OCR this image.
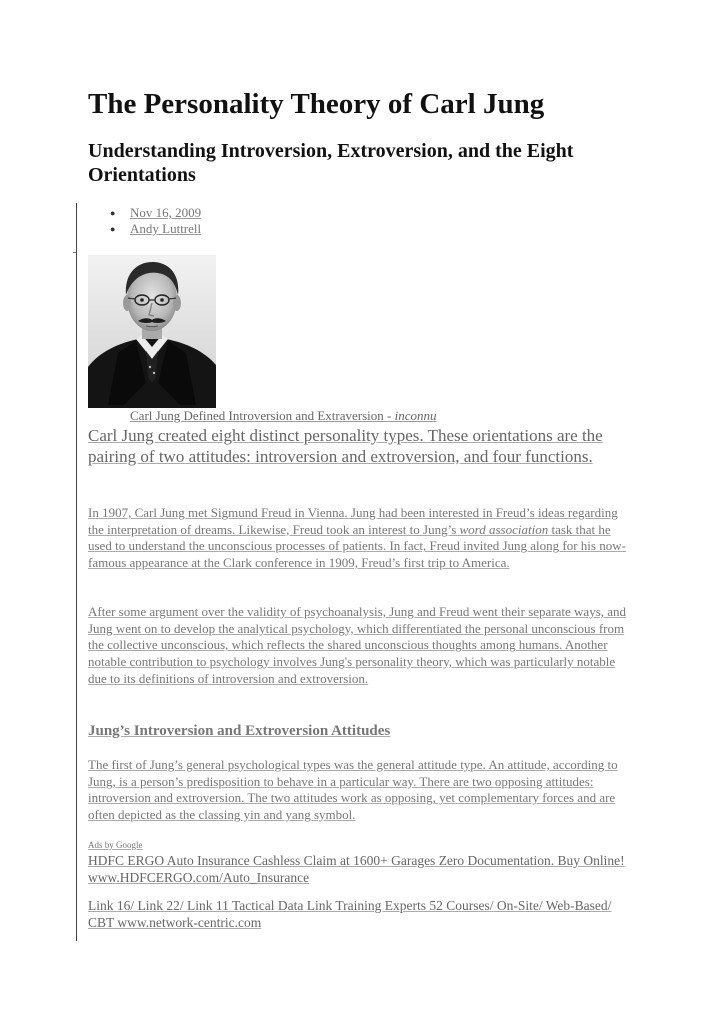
The Personality Theory of Carl Jung
Understanding Introversion, Extroversion, and the Eight Orientations
● Nov 16, 2009
● Andy Luttrell

Carl Jung Defined Introversion and Extraversion - inconnu

Carl Jung created eight distinct personality types. These orientations are the pairing of two attitudes: introversion and extroversion, and four functions.

In 1907, Carl Jung met Sigmund Freud in Vienna. Jung had been interested in Freud’s ideas regarding the interpretation of dreams. Likewise, Freud took an interest to Jung’s word association task that he used to understand the unconscious processes of patients. In fact, Freud invited Jung along for his now-famous appearance at the Clark conference in 1909, Freud’s first trip to America.

After some argument over the validity of psychoanalysis, Jung and Freud went their separate ways, and Jung went on to develop the analytical psychology, which differentiated the personal unconscious from the collective unconscious, which reflects the shared unconscious thoughts among humans. Another notable contribution to psychology involves Jung's personality theory, which was particularly notable due to its definitions of introversion and extroversion.

Jung’s Introversion and Extroversion Attitudes

The first of Jung’s general psychological types was the general attitude type. An attitude, according to Jung, is a person’s predisposition to behave in a particular way. There are two opposing attitudes: introversion and extroversion. The two attitudes work as opposing, yet complementary forces and are often depicted as the classing yin and yang symbol.

Ads by Google

HDFC ERGO Auto Insurance Cashless Claim at 1600+ Garages Zero Documentation. Buy Online! www.HDFCERGO.com/Auto_Insurance

Link 16/ Link 22/ Link 11 Tactical Data Link Training Experts 52 Courses/ On-Site/ Web-Based/ CBT www.network-centric.com
